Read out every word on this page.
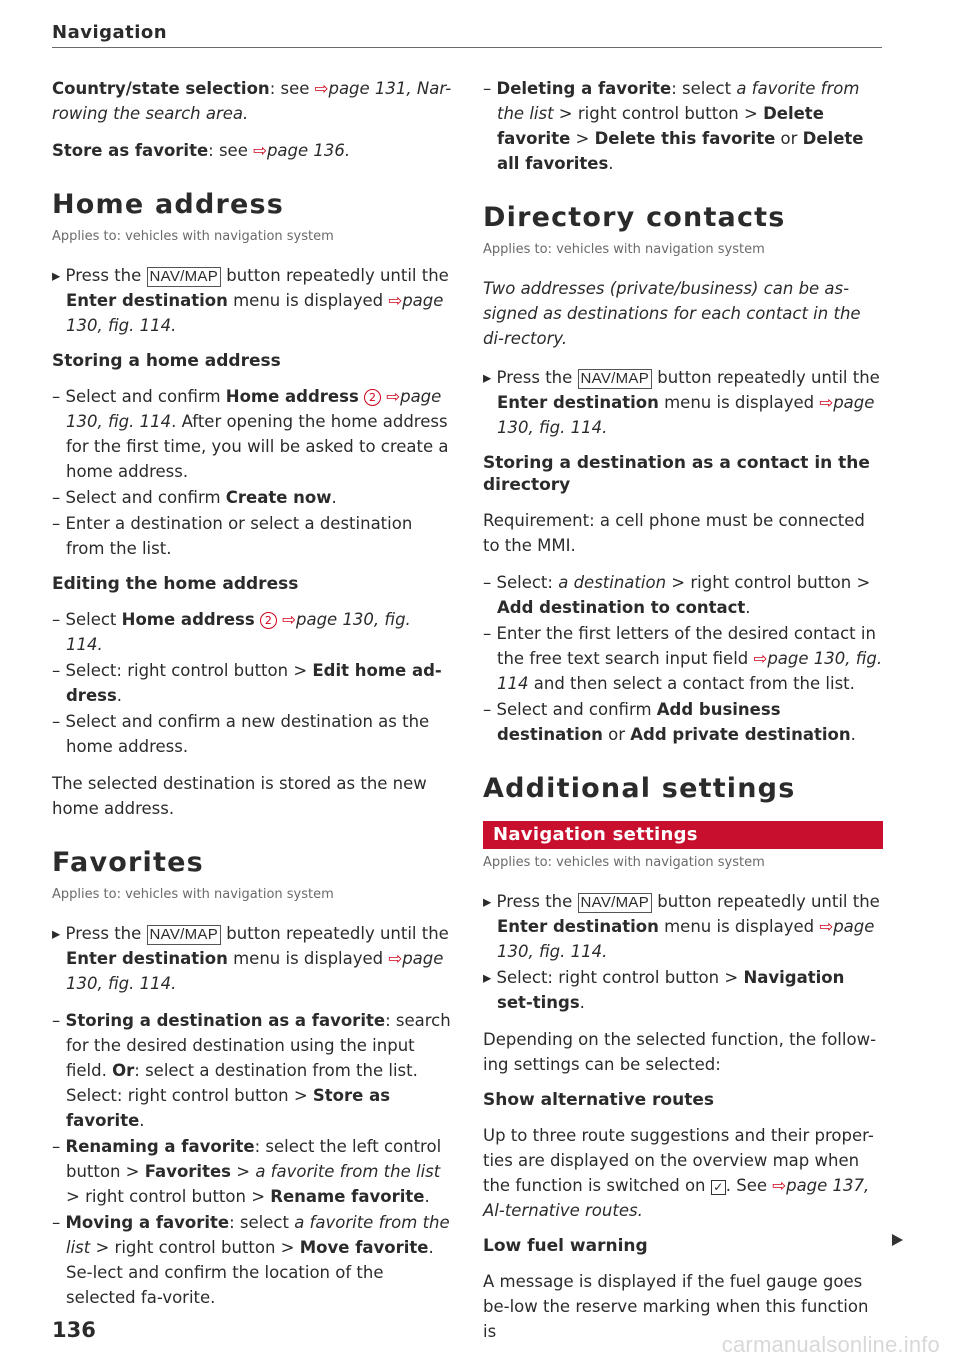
Navigation

Country/state selection: see ⇨page 131, Nar-rowing the search area.

Store as favorite: see ⇨page 136.

Home address
Applies to: vehicles with navigation system

▸ Press the NAV/MAP button repeatedly until the Enter destination menu is displayed ⇨page 130, fig. 114.

Storing a home address

– Select and confirm Home address 2 ⇨page 130, fig. 114. After opening the home address for the first time, you will be asked to create a home address.

– Select and confirm Create now.

– Enter a destination or select a destination from the list.

Editing the home address

– Select Home address 2 ⇨page 130, fig. 114.

– Select: right control button > Edit home ad-dress.

– Select and confirm a new destination as the home address.

The selected destination is stored as the new home address.

Favorites
Applies to: vehicles with navigation system

▸ Press the NAV/MAP button repeatedly until the Enter destination menu is displayed ⇨page 130, fig. 114.

– Storing a destination as a favorite: search for the desired destination using the input field. Or: select a destination from the list. Select: right control button > Store as favorite.

– Renaming a favorite: select the left control button > Favorites > a favorite from the list > right control button > Rename favorite.

– Moving a favorite: select a favorite from the list > right control button > Move favorite. Se-lect and confirm the location of the selected fa-vorite.

– Deleting a favorite: select a favorite from the list > right control button > Delete favorite > Delete this favorite or Delete all favorites.

Directory contacts
Applies to: vehicles with navigation system

Two addresses (private/business) can be as-signed as destinations for each contact in the di-rectory.

▸ Press the NAV/MAP button repeatedly until the Enter destination menu is displayed ⇨page 130, fig. 114.

Storing a destination as a contact in the directory

Requirement: a cell phone must be connected to the MMI.

– Select: a destination > right control button > Add destination to contact.

– Enter the first letters of the desired contact in the free text search input field ⇨page 130, fig. 114 and then select a contact from the list.

– Select and confirm Add business destination or Add private destination.

Additional settings
Navigation settings
Applies to: vehicles with navigation system

▸ Press the NAV/MAP button repeatedly until the Enter destination menu is displayed ⇨page 130, fig. 114.

▸ Select: right control button > Navigation set-tings.

Depending on the selected function, the follow-ing settings can be selected:

Show alternative routes

Up to three route suggestions and their proper-ties are displayed on the overview map when the function is switched on ✓ . See ⇨page 137, Al-ternative routes.

Low fuel warning

A message is displayed if the fuel gauge goes be-low the reserve marking when this function is

136
carmanualsonline.info
